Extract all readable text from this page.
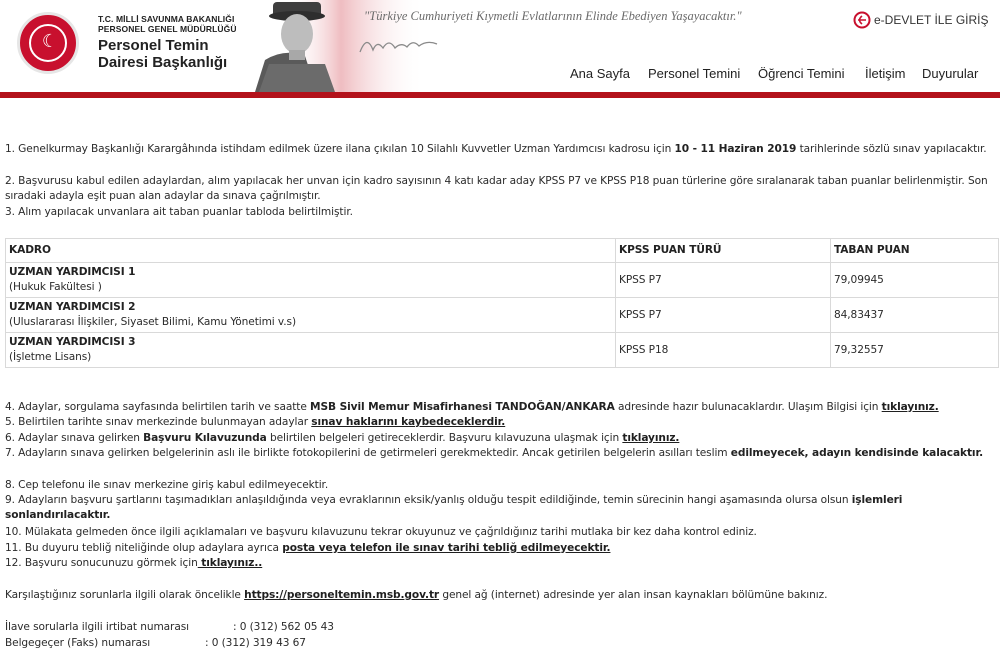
☾
T.C. MİLLİ SAVUNMA BAKANLIĞI
PERSONEL GENEL MÜDÜRLÜĞÜ
Personel Temin
Dairesi Başkanlığı
"Türkiye Cumhuriyeti Kıymetli Evlatlarının Elinde Ebediyen Yaşayacaktır."	e-DEVLET İLE GİRİŞ
Ana Sayfa Personel Temini Öğrenci Temini İletişim Duyurular
1. Genelkurmay Başkanlığı Karargâhında istihdam edilmek üzere ilana çıkılan 10 Silahlı Kuvvetler Uzman Yardımcısı kadrosu için 10 - 11 Haziran 2019 tarihlerinde sözlü sınav yapılacaktır.
2. Başvurusu kabul edilen adaylardan, alım yapılacak her unvan için kadro sayısının 4 katı kadar aday KPSS P7 ve KPSS P18 puan türlerine göre sıralanarak taban puanlar belirlenmiştir. Son sıradaki adayla eşit puan alan adaylar da sınava çağrılmıştır.
3. Alım yapılacak unvanlara ait taban puanlar tabloda belirtilmiştir.
KADRO	KPSS PUAN TÜRÜ	TABAN PUAN
UZMAN YARDIMCISI 1
(Hukuk Fakültesi )	KPSS P7	79,09945
UZMAN YARDIMCISI 2
(Uluslararası İlişkiler, Siyaset Bilimi, Kamu Yönetimi v.s)	KPSS P7	84,83437
UZMAN YARDIMCISI 3
(İşletme Lisans)	KPSS P18	79,32557
4. Adaylar, sorgulama sayfasında belirtilen tarih ve saatte MSB Sivil Memur Misafirhanesi TANDOĞAN/ANKARA adresinde hazır bulunacaklardır. Ulaşım Bilgisi için tıklayınız.
5. Belirtilen tarihte sınav merkezinde bulunmayan adaylar sınav haklarını kaybedeceklerdir.
6. Adaylar sınava gelirken Başvuru Kılavuzunda belirtilen belgeleri getireceklerdir. Başvuru kılavuzuna ulaşmak için tıklayınız.
7. Adayların sınava gelirken belgelerinin aslı ile birlikte fotokopilerini de getirmeleri gerekmektedir. Ancak getirilen belgelerin asılları teslim edilmeyecek, adayın kendisinde kalacaktır.
8. Cep telefonu ile sınav merkezine giriş kabul edilmeyecektir.
9. Adayların başvuru şartlarını taşımadıkları anlaşıldığında veya evraklarının eksik/yanlış olduğu tespit edildiğinde, temin sürecinin hangi aşamasında olursa olsun işlemleri sonlandırılacaktır.
10. Mülakata gelmeden önce ilgili açıklamaları ve başvuru kılavuzunu tekrar okuyunuz ve çağrıldığınız tarihi mutlaka bir kez daha kontrol ediniz.
11. Bu duyuru tebliğ niteliğinde olup adaylara ayrıca posta veya telefon ile sınav tarihi tebliğ edilmeyecektir.
12. Başvuru sonucunuzu görmek için tıklayınız..
Karşılaştığınız sorunlarla ilgili olarak öncelikle https://personeltemin.msb.gov.tr genel ağ (internet) adresinde yer alan insan kaynakları bölümüne bakınız.
İlave sorularla ilgili irtibat numarası	: 0 (312) 562 05 43
Belgegeçer (Faks) numarası	: 0 (312) 319 43 67
